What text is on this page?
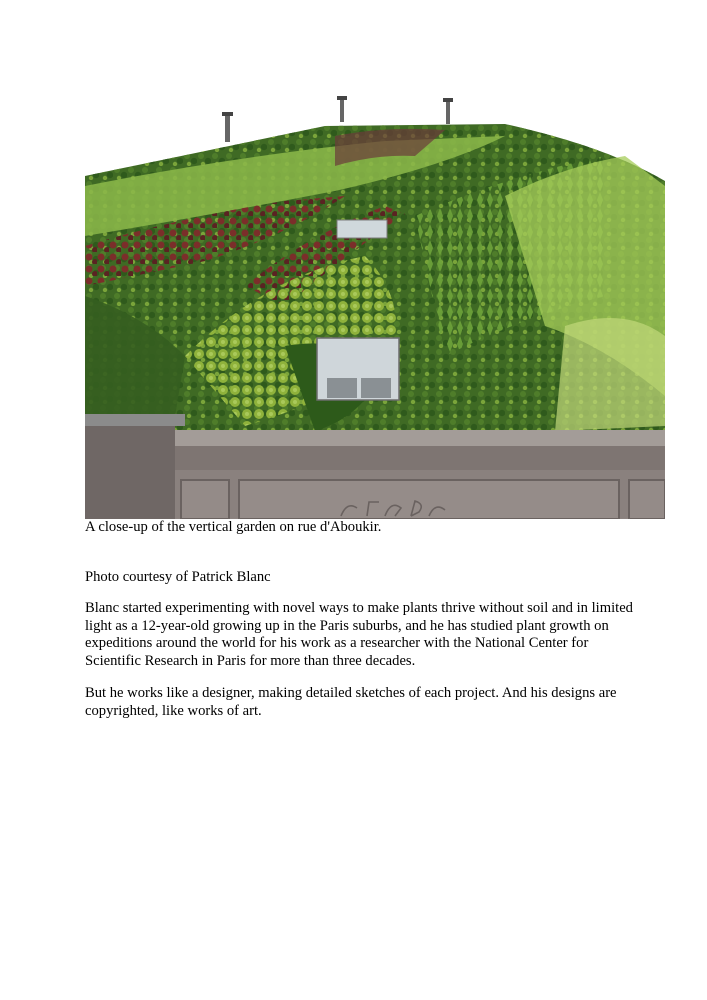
A close-up of the vertical garden on rue d'Aboukir.

Photo courtesy of Patrick Blanc

Blanc started experimenting with novel ways to make plants thrive without soil and in limited
light as a 12-year-old growing up in the Paris suburbs, and he has studied plant growth on
expeditions around the world for his work as a researcher with the National Center for
Scientific Research in Paris for more than three decades.

But he works like a designer, making detailed sketches of each project. And his designs are
copyrighted, like works of art.
